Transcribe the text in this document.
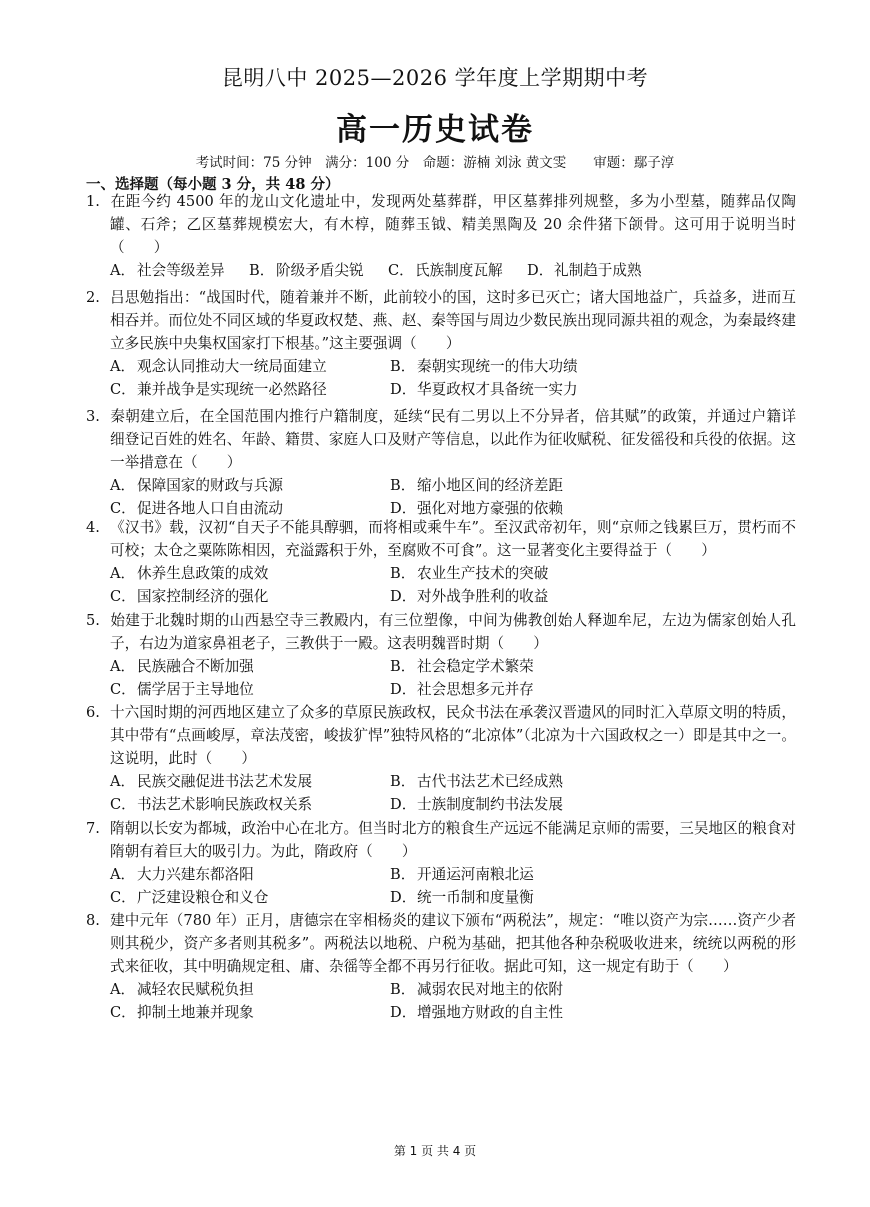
昆明八中 2025—2026 学年度上学期期中考
高一历史试卷
考试时间：75 分钟　满分：100 分　命题：游楠 刘泳 黄文雯　　审题：鄢子淳
一、选择题（每小题 3 分，共 48 分）
1. 在距今约 4500 年的龙山文化遗址中，发现两处墓葬群，甲区墓葬排列规整，多为小型墓，随葬品仅陶罐、石斧；乙区墓葬规模宏大，有木椁，随葬玉钺、精美黑陶及 20 余件猪下颌骨。这可用于说明当时（　　）
A． 社会等级差异 B． 阶级矛盾尖锐 C．氏族制度瓦解 D．礼制趋于成熟
2. 吕思勉指出：“战国时代，随着兼并不断，此前较小的国，这时多已灭亡；诸大国地益广，兵益多，进而互相吞并。而位处不同区域的华夏政权楚、燕、赵、秦等国与周边少数民族出现同源共祖的观念，为秦最终建立多民族中央集权国家打下根基。”这主要强调（　　）
A． 观念认同推动大一统局面建立	B． 秦朝实现统一的伟大功绩
C．兼并战争是实现统一必然路径	D．华夏政权才具备统一实力
3. 秦朝建立后，在全国范围内推行户籍制度，延续“民有二男以上不分异者，倍其赋”的政策，并通过户籍详细登记百姓的姓名、年龄、籍贯、家庭人口及财产等信息，以此作为征收赋税、征发徭役和兵役的依据。这一举措意在（　　）
A． 保障国家的财政与兵源	B． 缩小地区间的经济差距
C．促进各地人口自由流动	D．强化对地方豪强的依赖
4. 《汉书》载，汉初“自天子不能具醇驷，而将相或乘牛车”。至汉武帝初年，则“京师之钱累巨万，贯朽而不可校；太仓之粟陈陈相因，充溢露积于外，至腐败不可食”。这一显著变化主要得益于（　　）
A． 休养生息政策的成效	B． 农业生产技术的突破
C．国家控制经济的强化	D．对外战争胜利的收益
5. 始建于北魏时期的山西悬空寺三教殿内，有三位塑像，中间为佛教创始人释迦牟尼，左边为儒家创始人孔子，右边为道家鼻祖老子，三教供于一殿。这表明魏晋时期（　　）
A． 民族融合不断加强	B． 社会稳定学术繁荣
C．儒学居于主导地位	D．社会思想多元并存
6. 十六国时期的河西地区建立了众多的草原民族政权，民众书法在承袭汉晋遗风的同时汇入草原文明的特质，其中带有“点画峻厚，章法茂密，峻拔犷悍”独特风格的“北凉体”（北凉为十六国政权之一）即是其中之一。这说明，此时（　　）
A． 民族交融促进书法艺术发展	B． 古代书法艺术已经成熟
C．书法艺术影响民族政权关系	D．士族制度制约书法发展
7. 隋朝以长安为都城，政治中心在北方。但当时北方的粮食生产远远不能满足京师的需要，三吴地区的粮食对隋朝有着巨大的吸引力。为此，隋政府（　　）
A． 大力兴建东都洛阳	B． 开通运河南粮北运
C．广泛建设粮仓和义仓	D．统一币制和度量衡
8. 建中元年（780 年）正月，唐德宗在宰相杨炎的建议下颁布“两税法”，规定：“唯以资产为宗……资产少者则其税少，资产多者则其税多”。两税法以地税、户税为基础，把其他各种杂税吸收进来，统统以两税的形式来征收，其中明确规定租、庸、杂徭等全都不再另行征收。据此可知，这一规定有助于（　　）
A． 减轻农民赋税负担	B． 减弱农民对地主的依附
C．抑制土地兼并现象	D．增强地方财政的自主性
第 1 页 共 4 页
